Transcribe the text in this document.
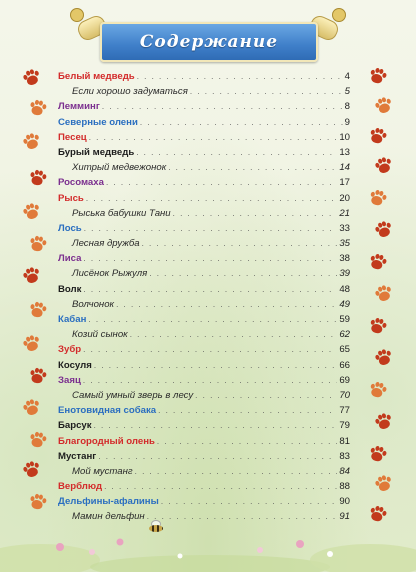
Содержание
Белый медведь . . .	4
Если хорошо задуматься . . .	5
Лемминг . . .	8
Северные олени . . .	9
Песец . . .	10
Бурый медведь . . .	13
Хитрый медвежонок . . .	14
Росомаха . . .	17
Рысь . . .	20
Рыська бабушки Тани . . .	21
Лось . . .	33
Лесная дружба . . .	35
Лиса . . .	38
Лисёнок Рыжуля . . .	39
Волк . . .	48
Волчонок . . .	49
Кабан . . .	59
Козий сынок . . .	62
Зубр . . .	65
Косуля . . .	66
Заяц . . .	69
Самый умный зверь в лесу . . .	70
Енотовидная собака . . .	77
Барсук . . .	79
Благородный олень . . .	81
Мустанг . . .	83
Мой мустанг . . .	84
Верблюд . . .	88
Дельфины-афалины . . .	90
Мамин дельфин . . .	91
